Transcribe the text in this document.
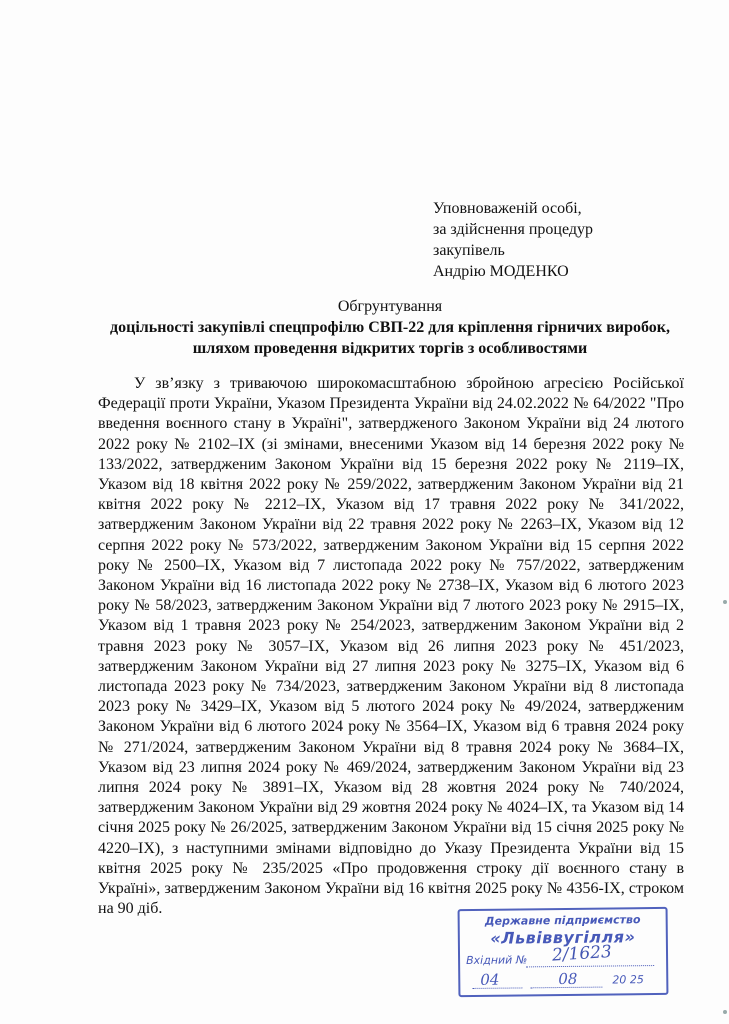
Уповноваженій особі,
за здійснення процедур
закупівель
Андрію МОДЕНКО
Обгрунтування
доцільності закупівлі спецпрофілю СВП-22 для кріплення гірничих виробок,
шляхом проведення відкритих торгів з особливостями

У зв’язку з триваючою широкомасштабною збройною агресією Російської Федерації проти України, Указом Президента України від 24.02.2022 № 64/2022 "Про введення воєнного стану в Україні", затвердженого Законом України від 24 лютого 2022 року № 2102–IX (зі змінами, внесеними Указом від 14 березня 2022 року № 133/2022, затвердженим Законом України від 15 березня 2022 року № 2119–IX, Указом від 18 квітня 2022 року № 259/2022, затвердженим Законом України від 21 квітня 2022 року № 2212–IX, Указом від 17 травня 2022 року № 341/2022, затвердженим Законом України від 22 травня 2022 року № 2263–IX, Указом від 12 серпня 2022 року № 573/2022, затвердженим Законом України від 15 серпня 2022 року № 2500–IX, Указом від 7 листопада 2022 року № 757/2022, затвердженим Законом України від 16 листопада 2022 року № 2738–IX, Указом від 6 лютого 2023 року № 58/2023, затвердженим Законом України від 7 лютого 2023 року № 2915–IX, Указом від 1 травня 2023 року № 254/2023, затвердженим Законом України від 2 травня 2023 року № 3057–IX, Указом від 26 липня 2023 року № 451/2023, затвердженим Законом України від 27 липня 2023 року № 3275–IX, Указом від 6 листопада 2023 року № 734/2023, затвердженим Законом України від 8 листопада 2023 року № 3429–IX, Указом від 5 лютого 2024 року № 49/2024, затвердженим Законом України від 6 лютого 2024 року № 3564–IX, Указом від 6 травня 2024 року № 271/2024, затвердженим Законом України від 8 травня 2024 року № 3684–IX, Указом від 23 липня 2024 року № 469/2024, затвердженим Законом України від 23 липня 2024 року № 3891–IX, Указом від 28 жовтня 2024 року № 740/2024, затвердженим Законом України від 29 жовтня 2024 року № 4024–IX, та Указом від 14 січня 2025 року № 26/2025, затвердженим Законом України від 15 січня 2025 року № 4220–IX), з наступними змінами відповідно до Указу Президента України від 15 квітня 2025 року № 235/2025 «Про продовження строку дії воєнного стану в Україні», затвердженим Законом України від 16 квітня 2025 року № 4356-IX, строком на 90 діб.

Державне підприємство
«Львіввугілля»
Вхідний № 2/1623
04	08	20 25
